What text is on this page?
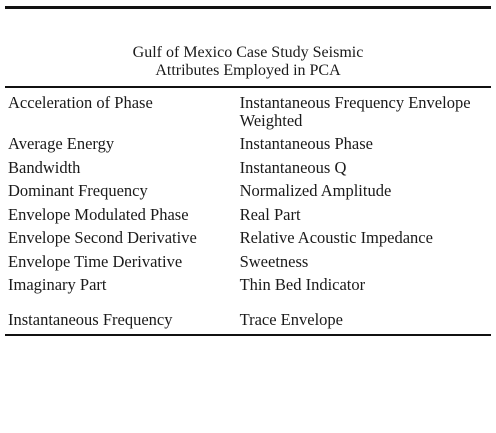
Gulf of Mexico Case Study Seismic
Attributes Employed in PCA
Acceleration of Phase	Instantaneous Frequency Envelope Weighted
Average Energy	Instantaneous Phase
Bandwidth	Instantaneous Q
Dominant Frequency	Normalized Amplitude
Envelope Modulated Phase	Real Part
Envelope Second Derivative	Relative Acoustic Impedance
Envelope Time Derivative	Sweetness
Imaginary Part	Thin Bed Indicator
Instantaneous Frequency	Trace Envelope
